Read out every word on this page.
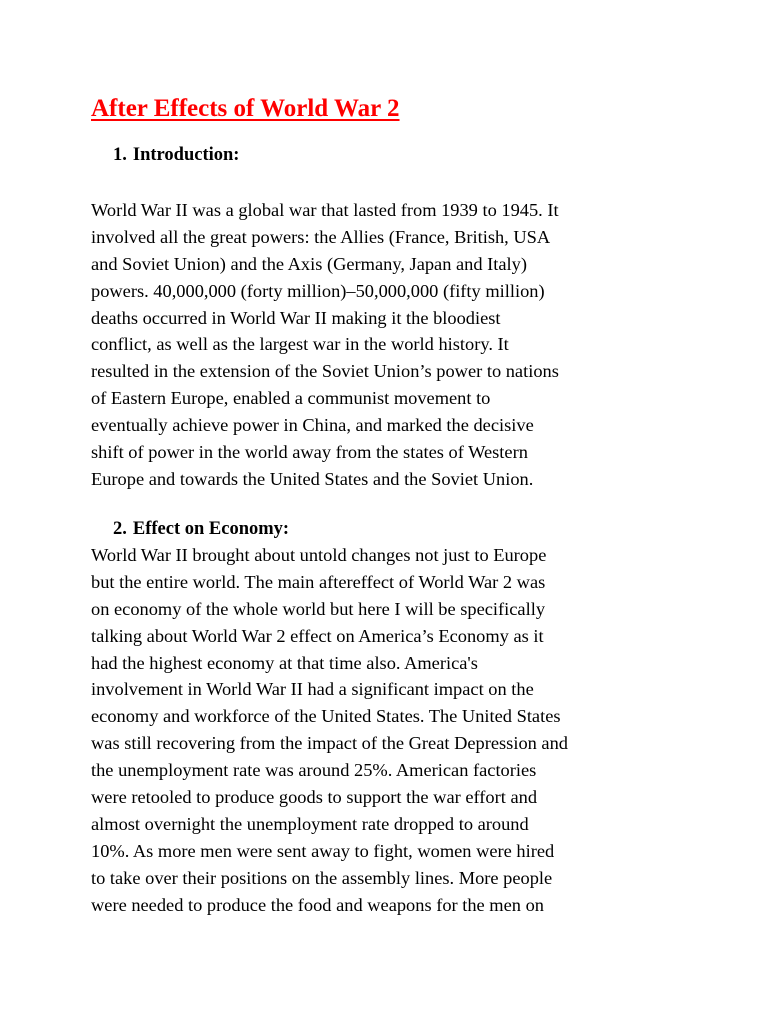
After Effects of World War 2
1. Introduction:
World War II was a global war that lasted from 1939 to 1945. It
involved all the great powers: the Allies (France, British, USA
and Soviet Union) and the Axis (Germany, Japan and Italy)
powers. 40,000,000 (forty million)–50,000,000 (fifty million)
deaths occurred in World War II making it the bloodiest
conflict, as well as the largest war in the world history. It
resulted in the extension of the Soviet Union’s power to nations
of Eastern Europe, enabled a communist movement to
eventually achieve power in China, and marked the decisive
shift of power in the world away from the states of Western
Europe and towards the United States and the Soviet Union.
2. Effect on Economy:
World War II brought about untold changes not just to Europe
but the entire world. The main aftereffect of World War 2 was
on economy of the whole world but here I will be specifically
talking about World War 2 effect on America’s Economy as it
had the highest economy at that time also. America's
involvement in World War II had a significant impact on the
economy and workforce of the United States. The United States
was still recovering from the impact of the Great Depression and
the unemployment rate was around 25%. American factories
were retooled to produce goods to support the war effort and
almost overnight the unemployment rate dropped to around
10%. As more men were sent away to fight, women were hired
to take over their positions on the assembly lines. More people
were needed to produce the food and weapons for the men on
